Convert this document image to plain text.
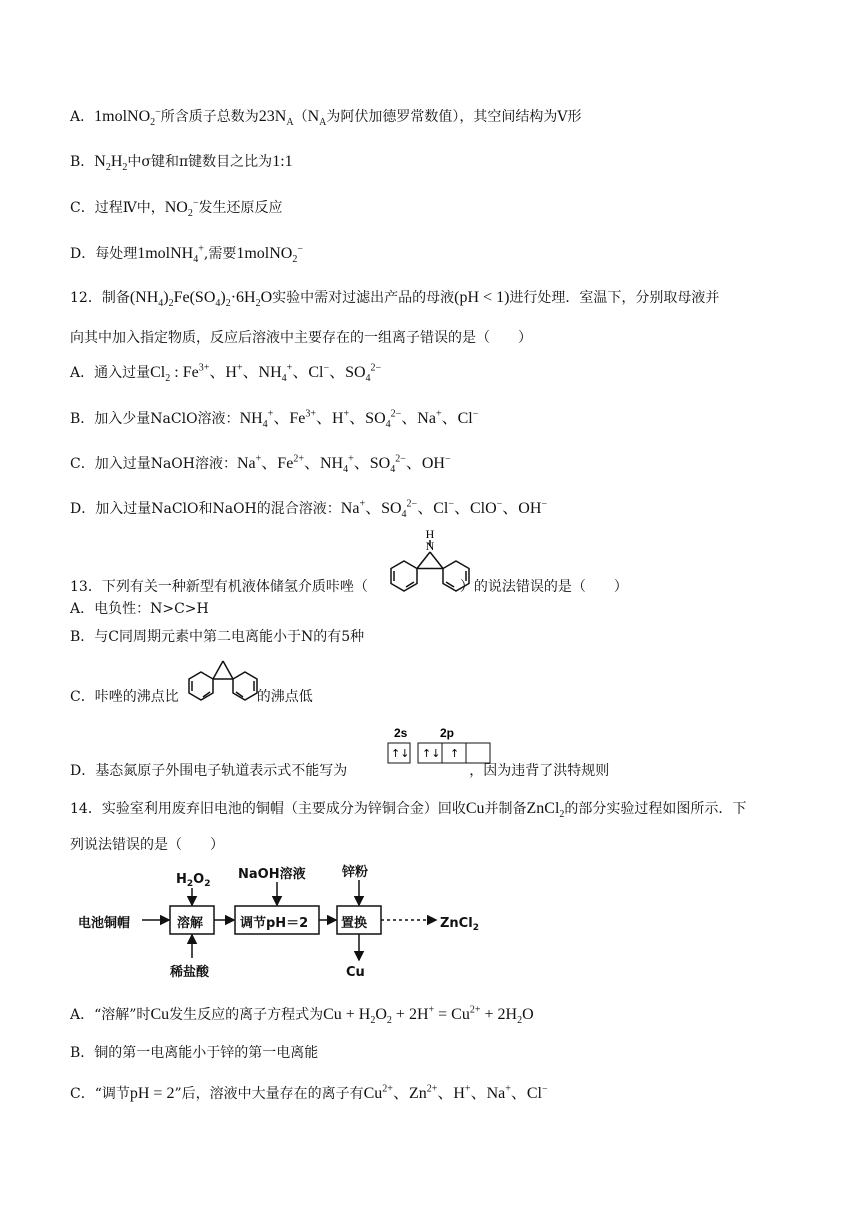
A．1molNO$_2$−所含质子总数为$23N_A(N_A$为阿伏加德罗常数值），其空间结构为V形
B．$N_2H_2$中σ键和π键数目之比为1:1
C．过程Ⅳ中，$NO_2^-$发生还原反应
D．每处理1molNH$_4$+,需要1molNO$_2$−
12．制备$(NH_4)_2Fe(SO_4)_2\cdot 6H_2O$实验中需对过滤出产品的母液(pH < 1)进行处理．室温下，分别取母液并
向其中加入指定物质，反应后溶液中主要存在的一组离子错误的是（　　）
A．通入过量$Cl_2$ : $Fe^{3+}$、H+、$NH_4^+$、Cl−、$SO_4^{2-}$
B．加入少量NaClO溶液：$NH_4^+$、$Fe^{3+}$、H+、$SO_4^{2-}$、Na+、Cl−
C．加入过量NaOH溶液：Na+、$Fe^{2+}$、$NH_4^+$、$SO_4^{2-}$、OH−
D．加入过量NaClO和NaOH的混合溶液：Na+、$SO_4^{2-}$、Cl−、ClO−、OH−
13．下列有关一种新型有机液体储氢介质咔唑（	）的说法错误的是（　　）
N
H
A．电负性：N>C>H
B．与C同周期元素中第二电离能小于N的有5种
C．咔唑的沸点比	的沸点低
D．基态氮原子外围电子轨道表示式不能写为	，因为违背了洪特规则
2s	2p
↑↓ ↑↓ ↑
14．实验室利用废弃旧电池的铜帽（主要成分为锌铜合金）回收Cu并制备ZnCl$_2$的部分实验过程如图所示．下
列说法错误的是（　　）
电池铜帽
$H_2O_2$
稀盐酸
溶解
NaOH溶液
调节pH＝2
锌粉
置换
Cu
ZnCl$_2$
A．“溶解”时Cu发生反应的离子方程式为$Cu + H_2O_2 + 2H^+ = Cu^{2+} + 2H_2O$
B．铜的第一电离能小于锌的第一电离能
C．“调节pH = 2”后，溶液中大量存在的离子有$Cu^{2+}$、$Zn^{2+}$、H+、Na+、Cl−
